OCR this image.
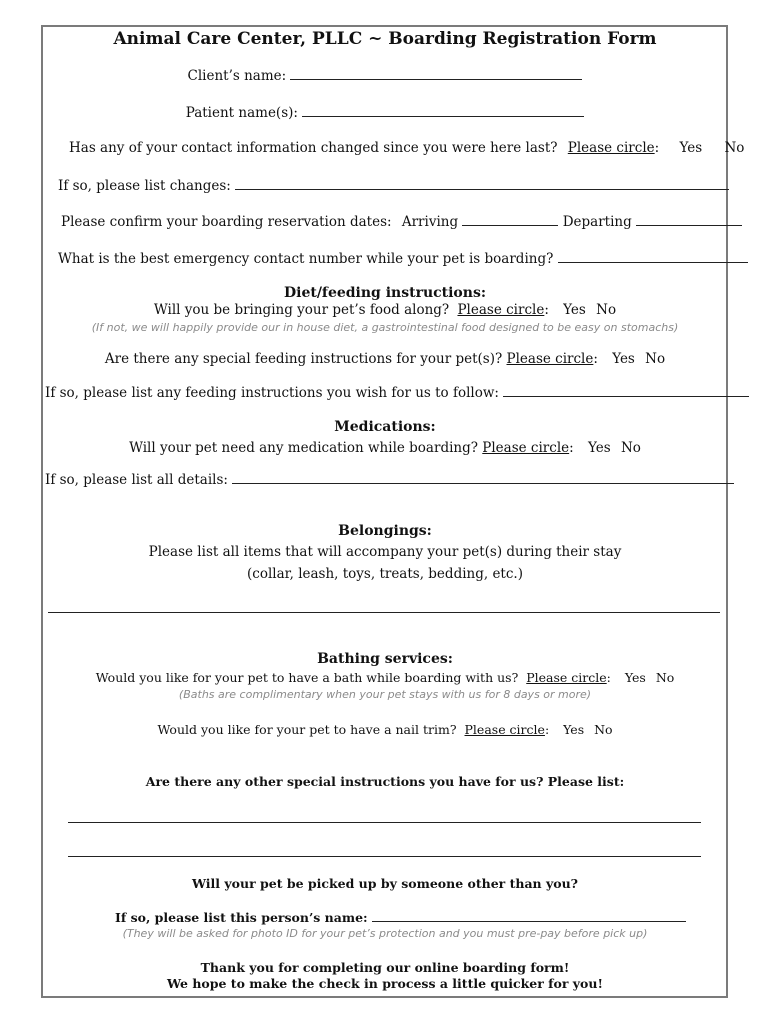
Animal Care Center, PLLC ~ Boarding Registration Form
Client’s name:
Patient name(s):
Has any of your contact information changed since you were here last? Please circle: Yes No
If so, please list changes:
Please confirm your boarding reservation dates: Arriving	Departing
What is the best emergency contact number while your pet is boarding?
Diet/feeding instructions:
Will you be bringing your pet’s food along? Please circle: Yes No
(If not, we will happily provide our in house diet, a gastrointestinal food designed to be easy on stomachs)
Are there any special feeding instructions for your pet(s)? Please circle: Yes No
If so, please list any feeding instructions you wish for us to follow:
Medications:
Will your pet need any medication while boarding? Please circle: Yes No
If so, please list all details:
Belongings:
Please list all items that will accompany your pet(s) during their stay
(collar, leash, toys, treats, bedding, etc.)
Bathing services:
Would you like for your pet to have a bath while boarding with us? Please circle: Yes No
(Baths are complimentary when your pet stays with us for 8 days or more)
Would you like for your pet to have a nail trim? Please circle: Yes No
Are there any other special instructions you have for us? Please list:
Will your pet be picked up by someone other than you?
If so, please list this person’s name:
(They will be asked for photo ID for your pet’s protection and you must pre-pay before pick up)
Thank you for completing our online boarding form!
We hope to make the check in process a little quicker for you!
